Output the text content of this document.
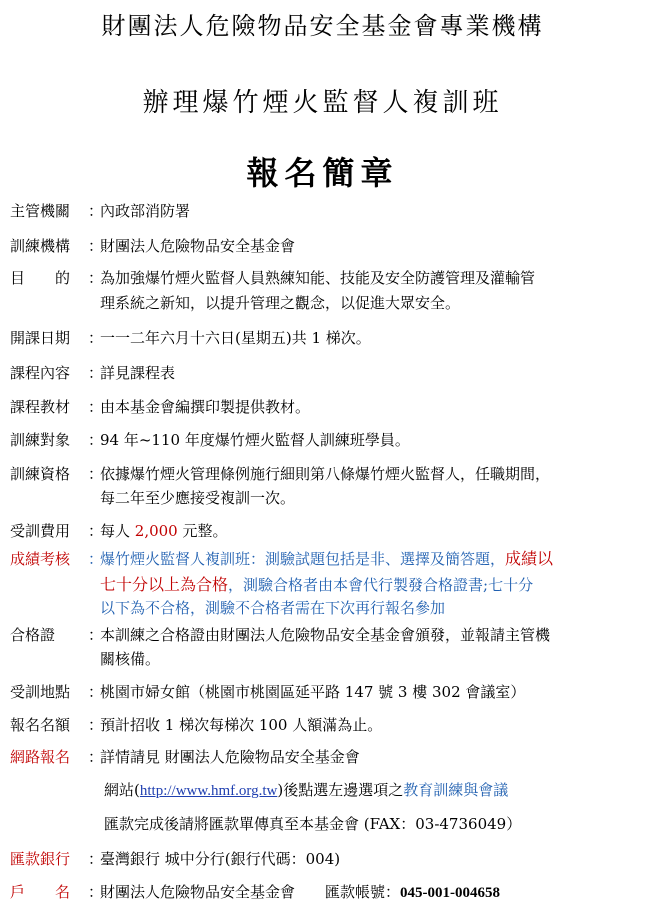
財團法人危險物品安全基金會專業機構
辦理爆竹煙火監督人複訓班
報名簡章
主管機關 ：內政部消防署
訓練機構 ：財團法人危險物品安全基金會
目　　的 ：為加強爆竹煙火監督人員熟練知能、技能及安全防護管理及灌輸管
理系統之新知，以提升管理之觀念，以促進大眾安全。
開課日期 ：一一二年六月十六日(星期五)共 1 梯次。
課程內容 ：詳見課程表
課程教材 ：由本基金會編撰印製提供教材。
訓練對象 ：94 年~110 年度爆竹煙火監督人訓練班學員。
訓練資格 ：依據爆竹煙火管理條例施行細則第八條爆竹煙火監督人，任職期間，
每二年至少應接受複訓一次。
受訓費用 ：每人 2,000 元整。
成績考核 ：爆竹煙火監督人複訓班：測驗試題包括是非、選擇及簡答題，成績以
七十分以上為合格，測驗合格者由本會代行製發合格證書;七十分
以下為不合格，測驗不合格者需在下次再行報名參加
合格證 ：本訓練之合格證由財團法人危險物品安全基金會頒發，並報請主管機
關核備。
受訓地點 ：桃園市婦女館（桃園市桃園區延平路 147 號 3 樓 302 會議室）
報名名額 ：預計招收 1 梯次每梯次 100 人額滿為止。
網路報名 ：詳情請見 財團法人危險物品安全基金會
網站(http://www.hmf.org.tw)後點選左邊選項之教育訓練與會議
匯款完成後請將匯款單傳真至本基金會 (FAX：03-4736049）
匯款銀行 ：臺灣銀行 城中分行(銀行代碼：004)
戶　　名 ：財團法人危險物品安全基金會 匯款帳號：045-001-004658
